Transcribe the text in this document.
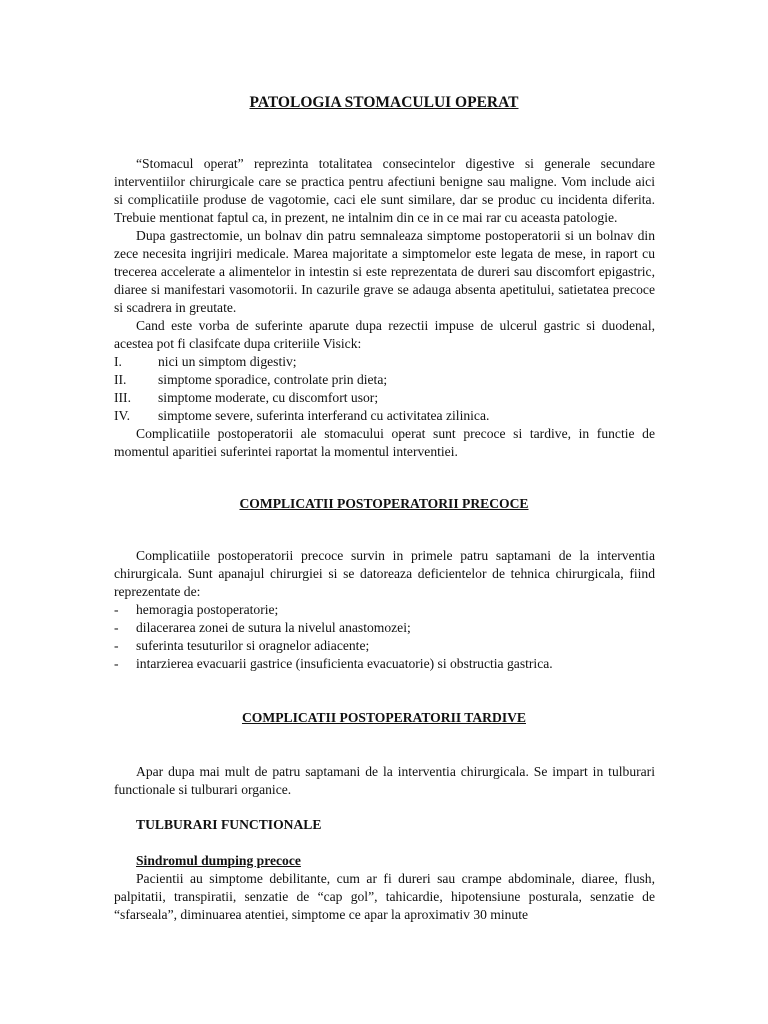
PATOLOGIA STOMACULUI OPERAT

“Stomacul operat” reprezinta totalitatea consecintelor digestive si generale secundare interventiilor chirurgicale care se practica pentru afectiuni benigne sau maligne. Vom include aici si complicatiile produse de vagotomie, caci ele sunt similare, dar se produc cu incidenta diferita. Trebuie mentionat faptul ca, in prezent, ne intalnim din ce in ce mai rar cu aceasta patologie.

Dupa gastrectomie, un bolnav din patru semnaleaza simptome postoperatorii si un bolnav din zece necesita ingrijiri medicale. Marea majoritate a simptomelor este legata de mese, in raport cu trecerea accelerate a alimentelor in intestin si este reprezentata de dureri sau discomfort epigastric, diaree si manifestari vasomotorii. In cazurile grave se adauga absenta apetitului, satietatea precoce si scadrera in greutate.

Cand este vorba de suferinte aparute dupa rezectii impuse de ulcerul gastric si duodenal, acestea pot fi clasifcate dupa criteriile Visick:

I.	nici un simptom digestiv;
II.	simptome sporadice, controlate prin dieta;
III.	simptome moderate, cu discomfort usor;
IV.	simptome severe, suferinta interferand cu activitatea zilinica.

Complicatiile postoperatorii ale stomacului operat sunt precoce si tardive, in functie de momentul aparitiei suferintei raportat la momentul interventiei.

COMPLICATII POSTOPERATORII PRECOCE

Complicatiile postoperatorii precoce survin in primele patru saptamani de la interventia chirurgicala. Sunt apanajul chirurgiei si se datoreaza deficientelor de tehnica chirurgicala, fiind reprezentate de:

-	hemoragia postoperatorie;
-	dilacerarea zonei de sutura la nivelul anastomozei;
-	suferinta tesuturilor si oragnelor adiacente;
-	intarzierea evacuarii gastrice (insuficienta evacuatorie) si obstructia gastrica.
COMPLICATII POSTOPERATORII TARDIVE

Apar dupa mai mult de patru saptamani de la interventia chirurgicala. Se impart in tulburari functionale si tulburari organice.

TULBURARI FUNCTIONALE
Sindromul dumping precoce

Pacientii au simptome debilitante, cum ar fi dureri sau crampe abdominale, diaree, flush, palpitatii, transpiratii, senzatie de “cap gol”, tahicardie, hipotensiune posturala, senzatie de “sfarseala”, diminuarea atentiei, simptome ce apar la aproximativ 30 minute
